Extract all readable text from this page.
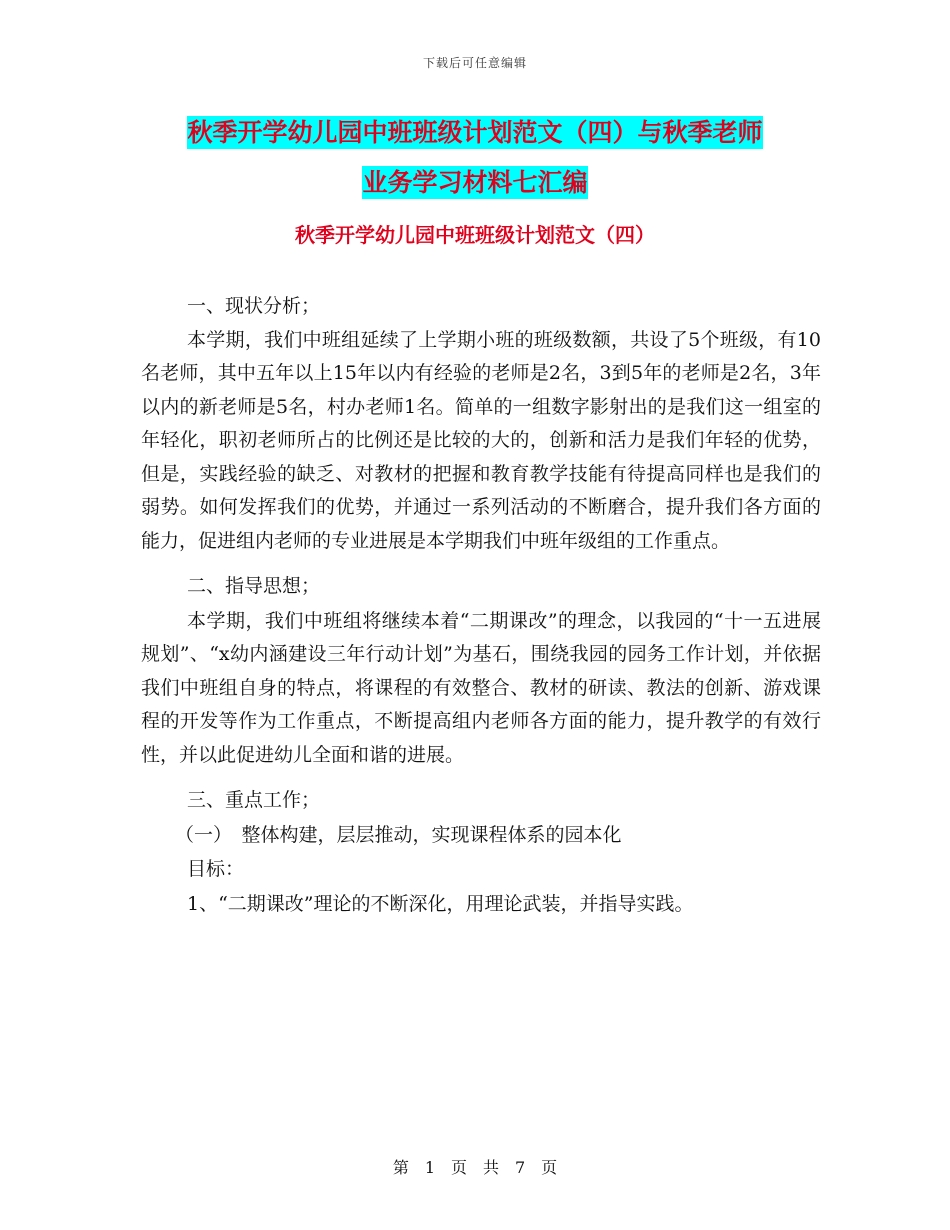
下载后可任意编辑
秋季开学幼儿园中班班级计划范文（四）与秋季老师
业务学习材料七汇编
秋季开学幼儿园中班班级计划范文（四）

一、现状分析；

本学期，我们中班组延续了上学期小班的班级数额，共设了5个班级，有10名老师，其中五年以上15年以内有经验的老师是2名，3到5年的老师是2名，3年以内的新老师是5名，村办老师1名。简单的一组数字影射出的是我们这一组室的年轻化，职初老师所占的比例还是比较的大的，创新和活力是我们年轻的优势，但是，实践经验的缺乏、对教材的把握和教育教学技能有待提高同样也是我们的弱势。如何发挥我们的优势，并通过一系列活动的不断磨合，提升我们各方面的能力，促进组内老师的专业进展是本学期我们中班年级组的工作重点。

二、指导思想；

本学期，我们中班组将继续本着“二期课改”的理念，以我园的“十一五进展规划”、“x幼内涵建设三年行动计划”为基石，围绕我园的园务工作计划，并依据我们中班组自身的特点，将课程的有效整合、教材的研读、教法的创新、游戏课程的开发等作为工作重点，不断提高组内老师各方面的能力，提升教学的有效行性，并以此促进幼儿全面和谐的进展。

三、重点工作；

（一）　整体构建，层层推动，实现课程体系的园本化

目标：

1、“二期课改”理论的不断深化，用理论武装，并指导实践。

第　1　页　共　7　页
